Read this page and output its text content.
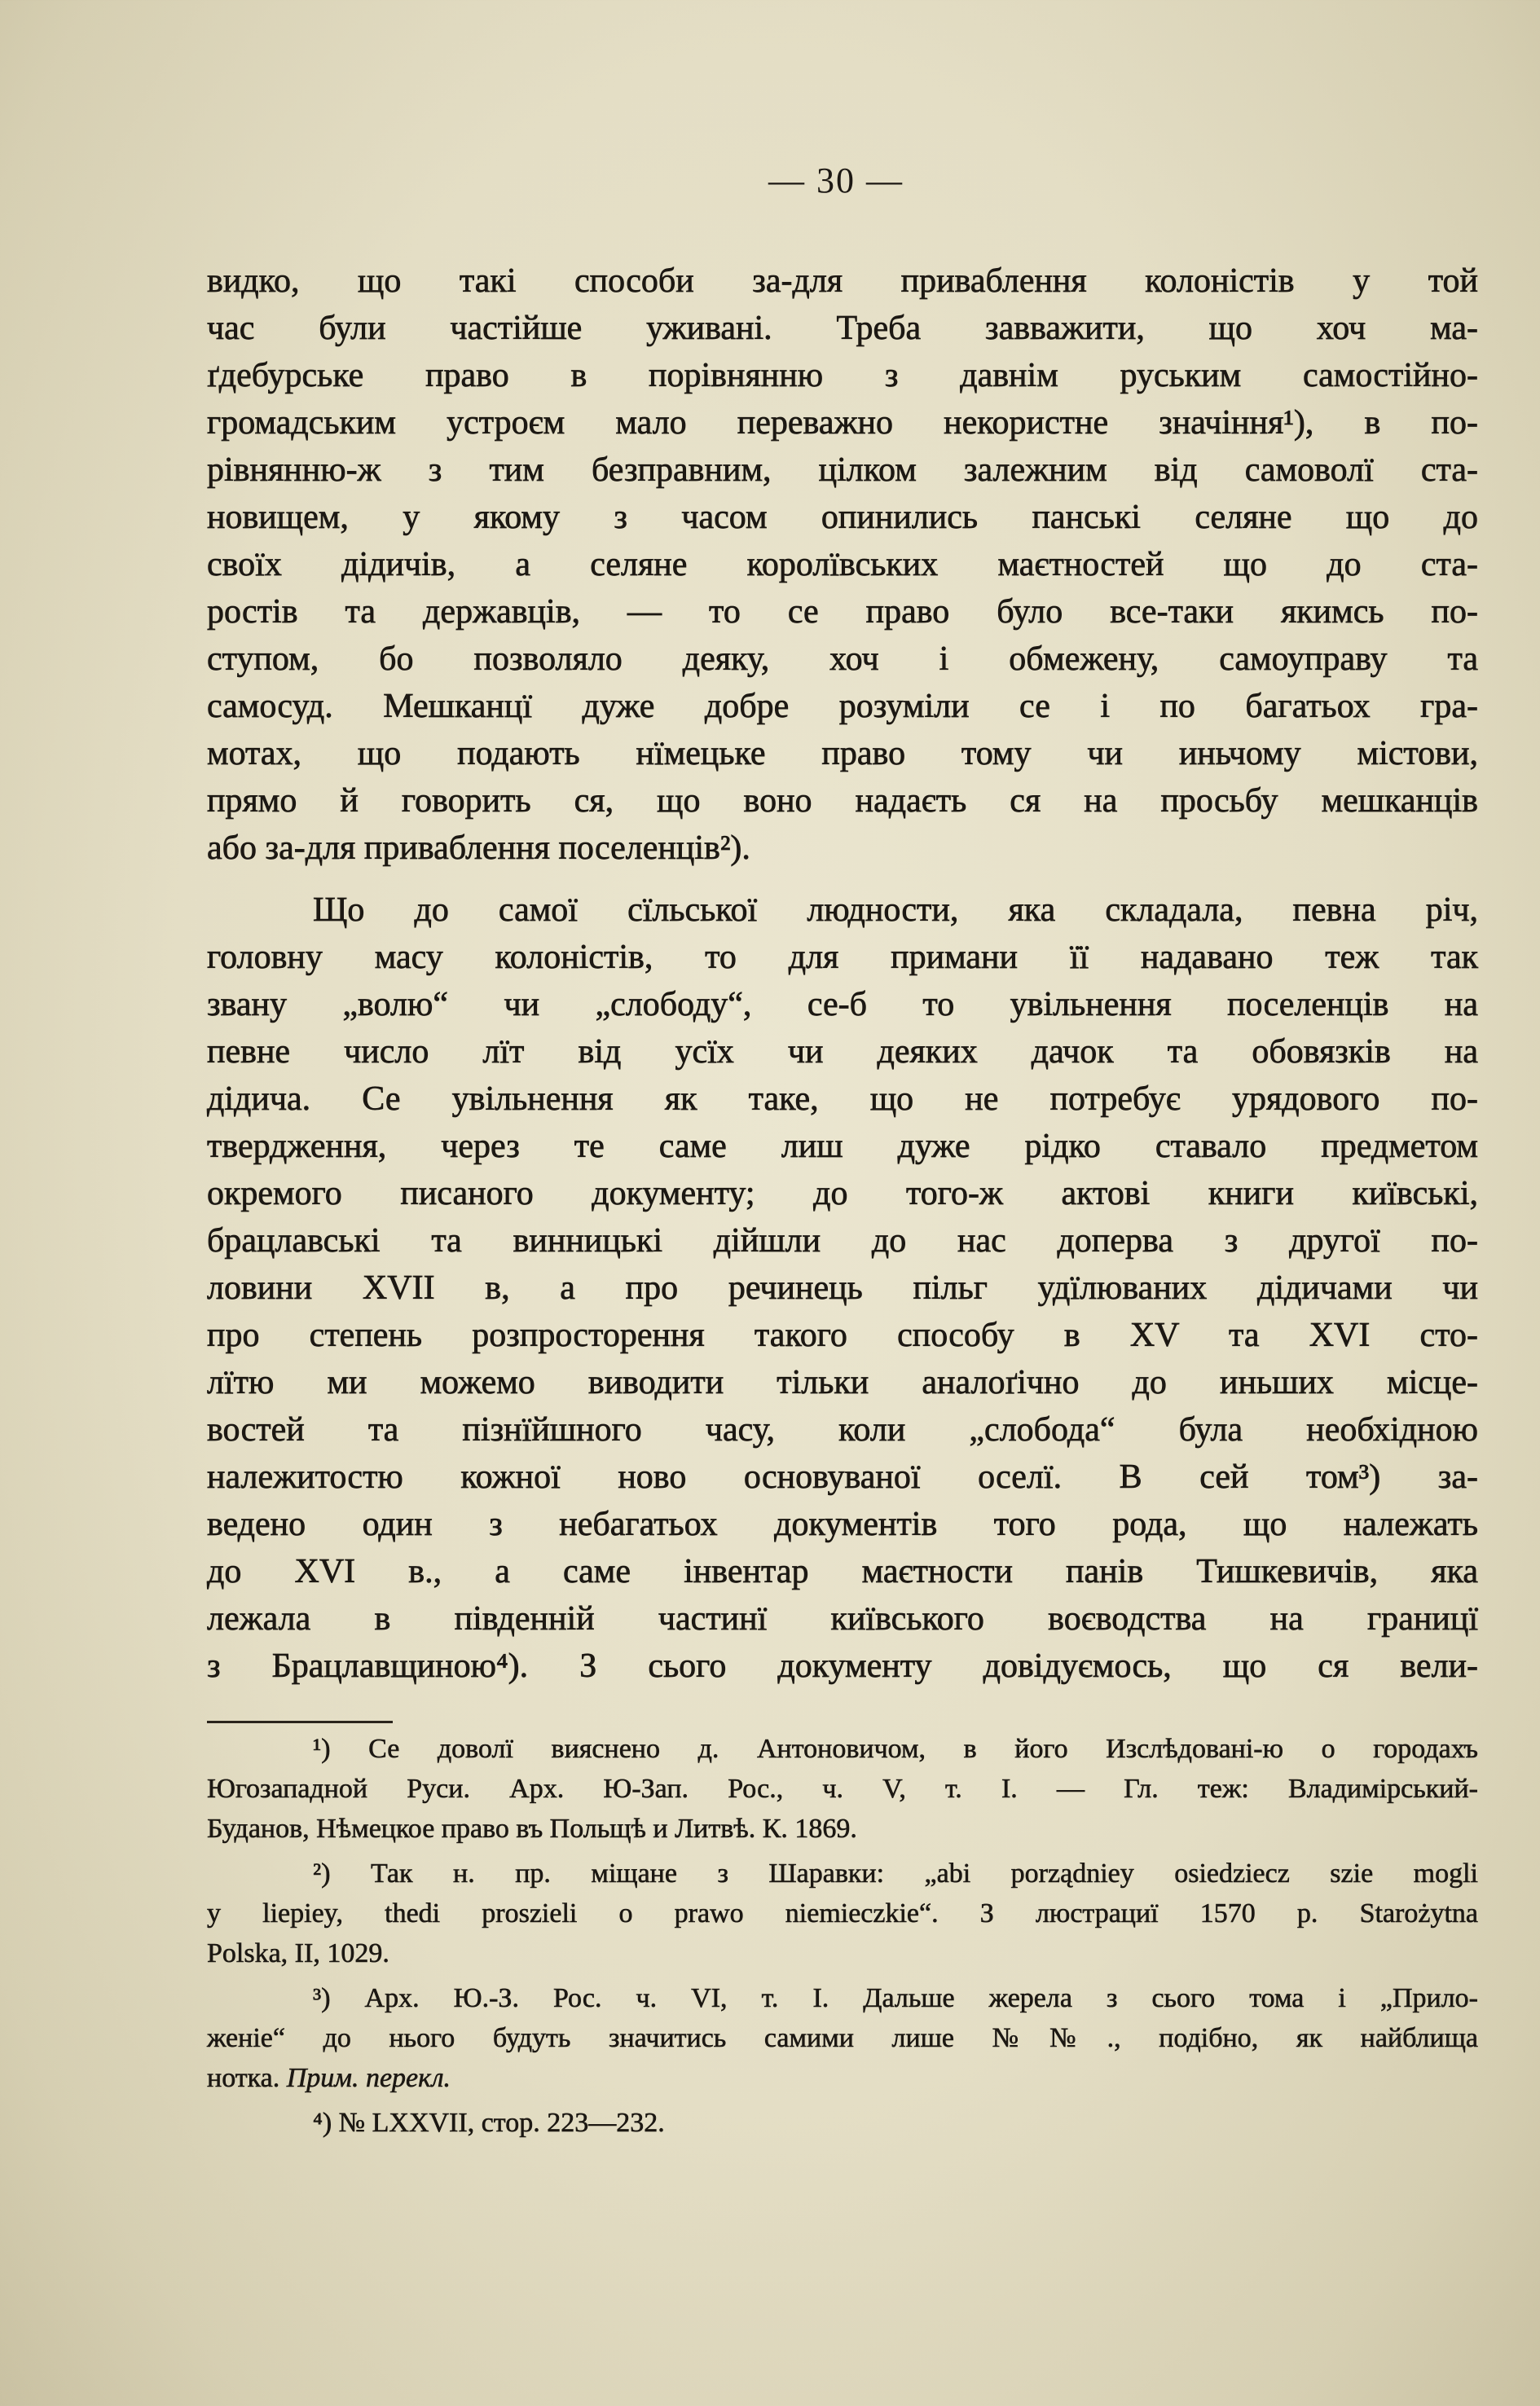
— 30 —
видко, що такі способи за-для приваблення колоністів у той
час були частійше уживані. Треба завважити, що хоч ма-
ґдебурське право в порівнянню з давнім руським самостійно-
громадським устроєм мало переважно некористне значіння¹), в по-
рівнянню-ж з тим безправним, цілком залежним від самоволї ста-
новищем, у якому з часом опинились панські селяне що до
своїх дідичів, а селяне королївських маєтностей що до ста-
ростів та державців, — то се право було все-таки якимсь по-
ступом, бо позволяло деяку, хоч і обмежену, самоуправу та
самосуд. Мешканцї дуже добре розуміли се і по багатьох гра-
мотах, що подають нїмецьке право тому чи иньчому містови,
прямо й говорить ся, що воно надаєть ся на просьбу мешканців
або за-для приваблення поселенців²).
Що до самої сїльської людности, яка складала, певна річ,
головну масу колоністів, то для примани її надавано теж так
звану „волю“ чи „слободу“, се-б то увільнення поселенців на
певне число лїт від усїх чи деяких дачок та обовязків на
дідича. Се увільнення як таке, що не потребує урядового по-
твердження, через те саме лиш дуже рідко ставало предметом
окремого писаного документу; до того-ж актові книги київські,
брацлавські та винницькі дійшли до нас доперва з другої по-
ловини XVII в, а про речинець пільг удїлюваних дідичами чи
про степень розпросторення такого способу в XV та XVI сто-
лїтю ми можемо виводити тільки аналоґічно до иньших місце-
востей та пізнїйшного часу, коли „слобода“ була необхідною
належитостю кожної ново основуваної оселї. В сей том³) за-
ведено один з небагатьох документів того рода, що належать
до XVI в., а саме інвентар маєтности панів Тишкевичів, яка
лежала в південній частинї київського воєводства на границї
з Брацлавщиною⁴). З сього документу довідуємось, що ся вели-
¹) Се доволї вияснено д. Антоновичом, в його Изслѣдовані-ю о городахъ
Югозападной Руси. Арх. Ю-Зап. Рос., ч. V, т. I. — Гл. теж: Владимірський-
Буданов, Нѣмецкое право въ Польщѣ и Литвѣ. К. 1869.
²) Так н. пр. міщане з Шаравки: „abi porządniey osiedziecz szie mogli
y liepiey, thedi proszieli o prawo niemieczkie“. З люстрациї 1570 р. Starożytna
Polska, II, 1029.
³) Арх. Ю.-З. Рос. ч. VI, т. I. Дальше жерела з сього тома і „Прило-
женіе“ до нього будуть значитись самими лише №№., подібно, як найблища
нотка. Прим. перекл.
⁴) № LXXVII, стор. 223—232.
